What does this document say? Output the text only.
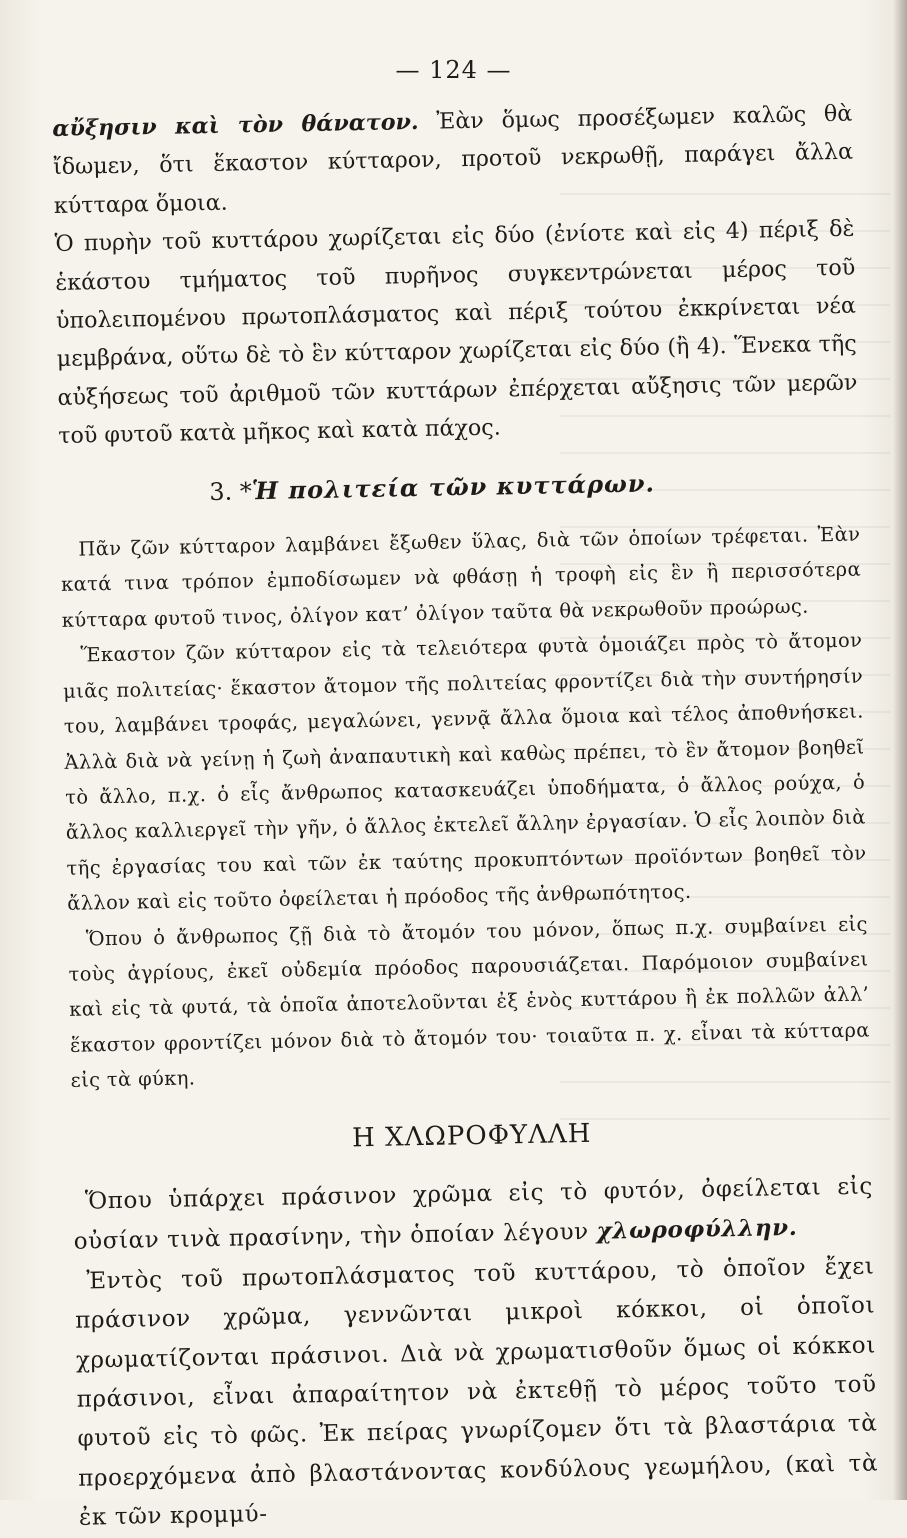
— 124 —

αὔξησιν καὶ τὸν θάνατον. Ἐὰν ὅμως προσέξωμεν καλῶς θὰ ἴδωμεν, ὅτι ἕκαστον κύτταρον, προτοῦ νεκρωθῇ, παράγει ἄλλα κύτταρα ὅμοια.

Ὁ πυρὴν τοῦ κυττάρου χωρίζεται εἰς δύο (ἐνίοτε καὶ εἰς 4) πέριξ δὲ ἑκάστου τμήματος τοῦ πυρῆνος συγκεντρώνεται μέρος τοῦ ὑπολειπομένου πρωτοπλάσματος καὶ πέριξ τούτου ἐκκρίνεται νέα μεμβράνα, οὕτω δὲ τὸ ἓν κύτταρον χωρίζεται εἰς δύο (ἢ 4). Ἕνεκα τῆς αὐξήσεως τοῦ ἀριθμοῦ τῶν κυττάρων ἐπέρχεται αὔξησις τῶν μερῶν τοῦ φυτοῦ κατὰ μῆκος καὶ κατὰ πάχος.

3. *Ἡ πολιτεία τῶν κυττάρων.

Πᾶν ζῶν κύτταρον λαμβάνει ἔξωθεν ὕλας, διὰ τῶν ὁποίων τρέφεται. Ἐὰν κατά τινα τρόπον ἐμποδίσωμεν νὰ φθάσῃ ἡ τροφὴ εἰς ἓν ἢ περισσότερα κύτταρα φυτοῦ τινος, ὀλίγον κατ’ ὀλίγον ταῦτα θὰ νεκρωθοῦν προώρως.

Ἕκαστον ζῶν κύτταρον εἰς τὰ τελειότερα φυτὰ ὁμοιάζει πρὸς τὸ ἄτομον μιᾶς πολιτείας· ἕκαστον ἄτομον τῆς πολιτείας φροντίζει διὰ τὴν συντήρησίν του, λαμβάνει τροφάς, μεγαλώνει, γεννᾷ ἄλλα ὅμοια καὶ τέλος ἀποθνήσκει. Ἀλλὰ διὰ νὰ γείνῃ ἡ ζωὴ ἀναπαυτικὴ καὶ καθὼς πρέπει, τὸ ἓν ἄτομον βοηθεῖ τὸ ἄλλο, π.χ. ὁ εἷς ἄνθρωπος κατασκευάζει ὑποδήματα, ὁ ἄλλος ρούχα, ὁ ἄλλος καλλιεργεῖ τὴν γῆν, ὁ ἄλλος ἐκτελεῖ ἄλλην ἐργασίαν. Ὁ εἷς λοιπὸν διὰ τῆς ἐργασίας του καὶ τῶν ἐκ ταύτης προκυπτόντων προϊόντων βοηθεῖ τὸν ἄλλον καὶ εἰς τοῦτο ὀφείλεται ἡ πρόοδος τῆς ἀνθρωπότητος.

Ὅπου ὁ ἄνθρωπος ζῇ διὰ τὸ ἄτομόν του μόνον, ὅπως π.χ. συμβαίνει εἰς τοὺς ἀγρίους, ἐκεῖ οὐδεμία πρόοδος παρουσιάζεται. Παρόμοιον συμβαίνει καὶ εἰς τὰ φυτά, τὰ ὁποῖα ἀποτελοῦνται ἐξ ἑνὸς κυττάρου ἢ ἐκ πολλῶν ἀλλ’ ἕκαστον φροντίζει μόνον διὰ τὸ ἄτομόν του· τοιαῦτα π. χ. εἶναι τὰ κύτταρα εἰς τὰ φύκη.

Η ΧΛΩΡΟΦΥΛΛΗ

Ὅπου ὑπάρχει πράσινον χρῶμα εἰς τὸ φυτόν, ὀφείλεται εἰς οὐσίαν τινὰ πρασίνην, τὴν ὁποίαν λέγουν χλωροφύλλην.

Ἐντὸς τοῦ πρωτοπλάσματος τοῦ κυττάρου, τὸ ὁποῖον ἔχει πράσινον χρῶμα, γεννῶνται μικροὶ κόκκοι, οἱ ὁποῖοι χρωματίζονται πράσινοι. Διὰ νὰ χρωματισθοῦν ὅμως οἱ κόκκοι πράσινοι, εἶναι ἀπαραίτητον νὰ ἐκτεθῇ τὸ μέρος τοῦτο τοῦ φυτοῦ εἰς τὸ φῶς. Ἐκ πείρας γνωρίζομεν ὅτι τὰ βλαστάρια τὰ προερχόμενα ἀπὸ βλαστάνοντας κονδύλους γεωμήλου, (καὶ τὰ ἐκ τῶν κρομμύ-
